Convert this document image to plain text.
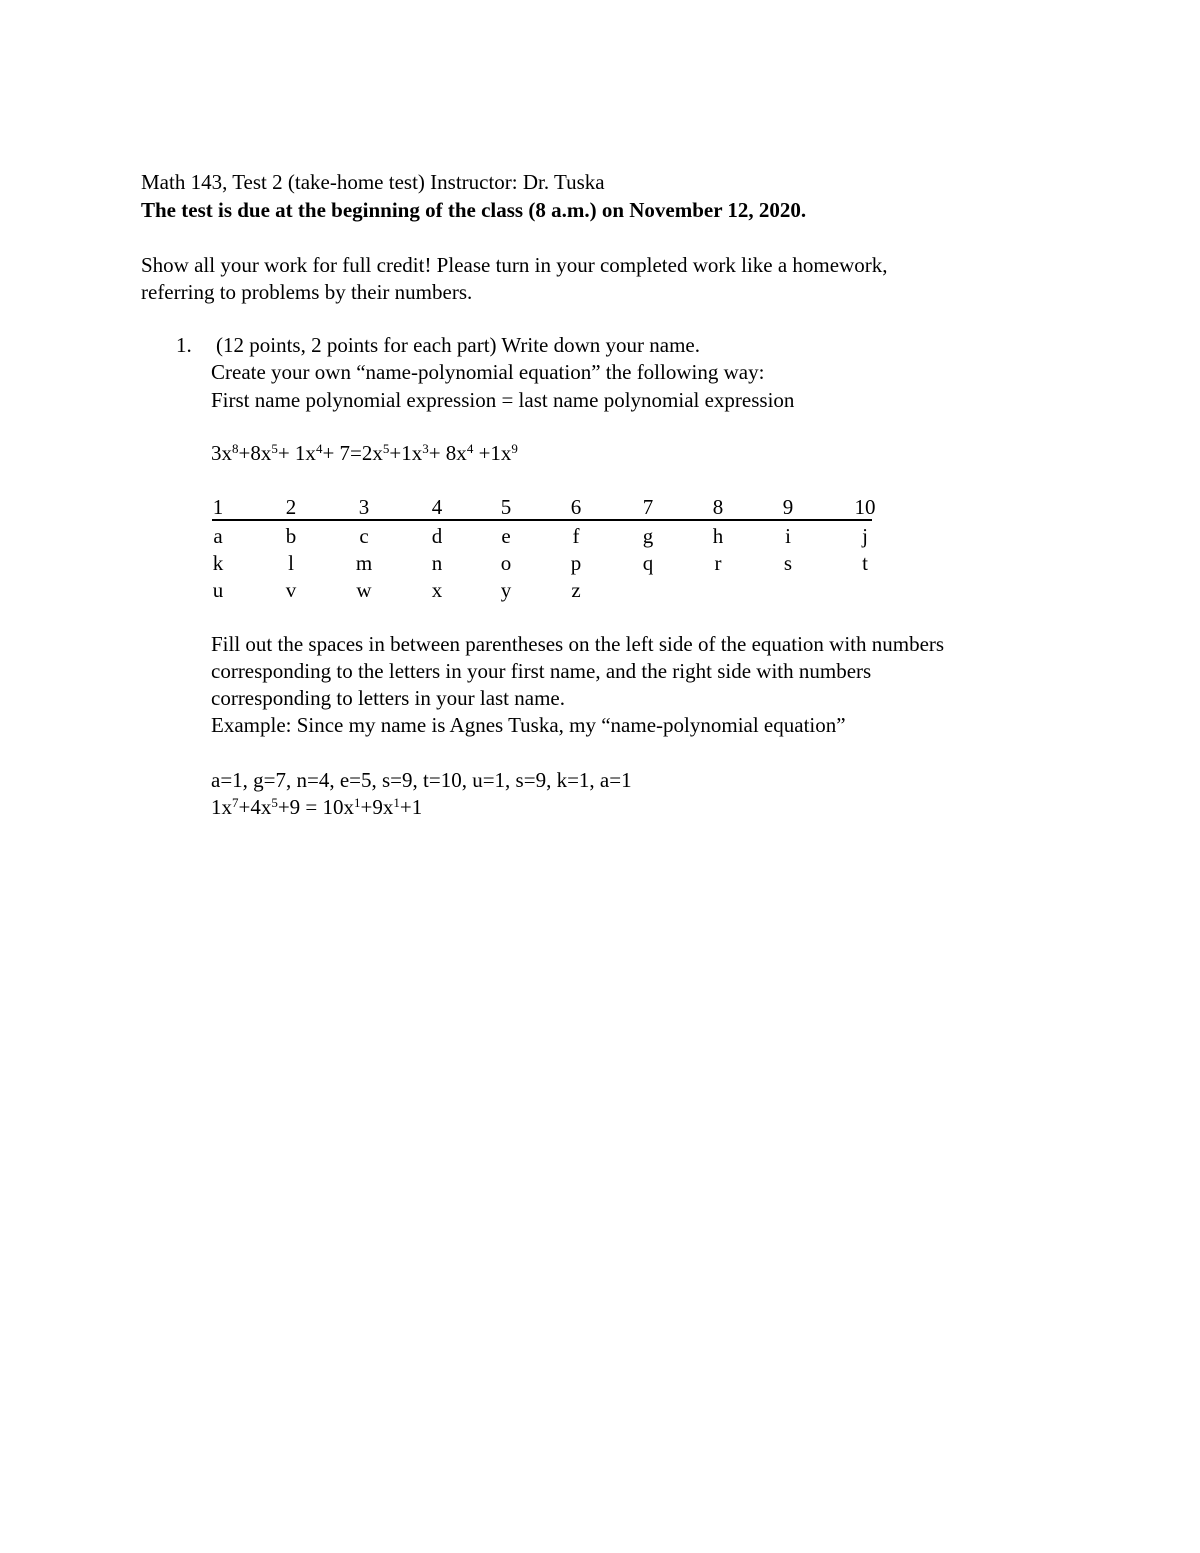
Math 143, Test 2 (take-home test) Instructor: Dr. Tuska
The test is due at the beginning of the class (8 a.m.) on November 12, 2020.
Show all your work for full credit! Please turn in your completed work like a homework,
referring to problems by their numbers.
1. (12 points, 2 points for each part) Write down your name.
Create your own “name-polynomial equation” the following way:
First name polynomial expression = last name polynomial expression
$3x^8+8x^5+ 1x^4+ 7=2x^5+1x^3+ 8x^4 +1x^9$
1	2	3	4	5	6	7	8	9	10
a	b	c	d	e	f	g	h	i	j
k	l	m	n	o	p	q	r	s	t
u	v	w	x	y	z
Fill out the spaces in between parentheses on the left side of the equation with numbers
corresponding to the letters in your first name, and the right side with numbers
corresponding to letters in your last name.
Example: Since my name is Agnes Tuska, my “name-polynomial equation”
a=1, g=7, n=4, e=5, s=9, t=10, u=1, s=9, k=1, a=1
$1x^7+4x^5+9 = 10x^1+9x^1+1$
